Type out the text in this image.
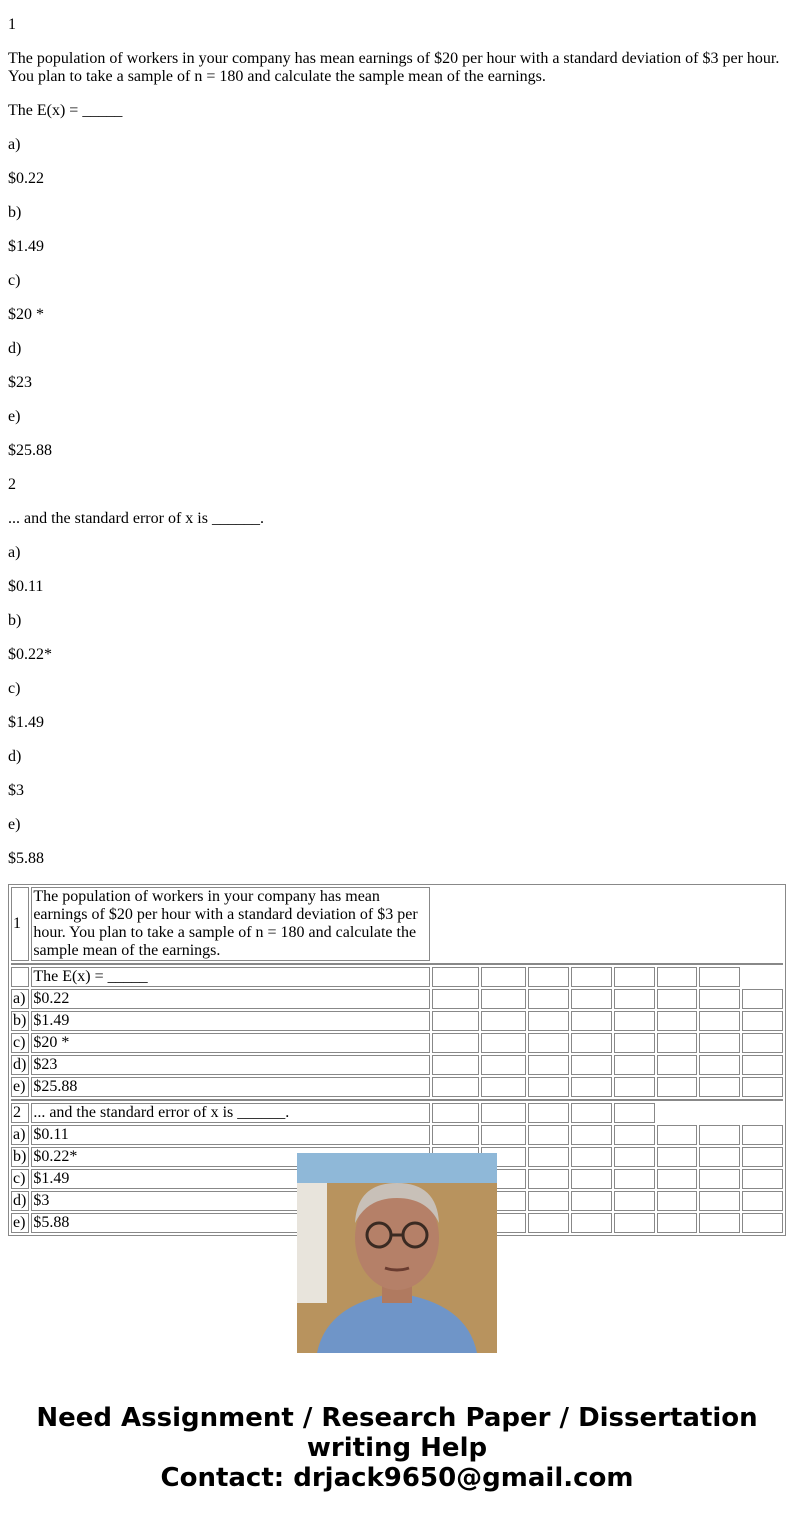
1

The population of workers in your company has mean earnings of $20 per hour with a standard deviation of $3 per hour. You plan to take a sample of n = 180 and calculate the sample mean of the earnings.

The E(x) = _____

a)

$0.22

b)

$1.49

c)

$20 *

d)

$23

e)

$25.88

2

... and the standard error of x is ______.

a)

$0.11

b)

$0.22*

c)

$1.49

d)

$3

e)

$5.88

1	The population of workers in your company has mean earnings of $20 per hour with a standard deviation of $3 per hour. You plan to take a sample of n = 180 and calculate the sample mean of the earnings.								

	The E(x) = _____								
a)	$0.22								
b)	$1.49								
c)	$20 *								
d)	$23								
e)	$25.88								

2	... and the standard error of x is ______.								
a)	$0.11								
b)	$0.22*								
c)	$1.49								
d)	$3								
e)	$5.88								
Need Assignment / Research Paper / Dissertation
writing Help
Contact: drjack9650@gmail.com
